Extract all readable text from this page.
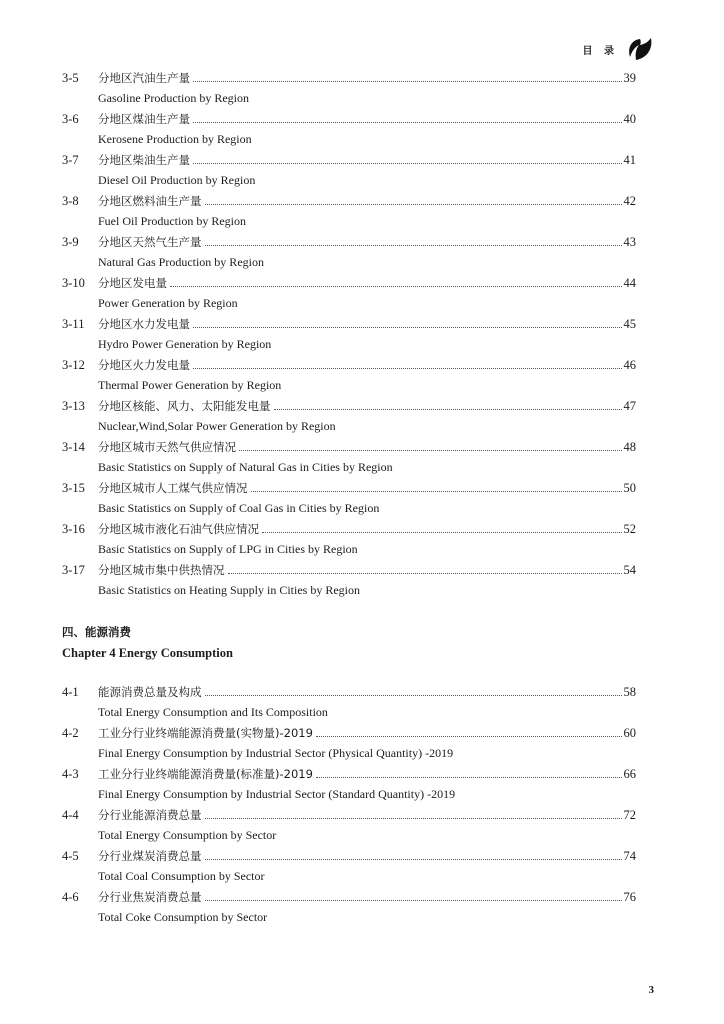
目 录
3-5	分地区汽油生产量	39
Gasoline Production by Region
3-6	分地区煤油生产量	40
Kerosene Production by Region
3-7	分地区柴油生产量	41
Diesel Oil Production by Region
3-8	分地区燃料油生产量	42
Fuel Oil Production by Region
3-9	分地区天然气生产量	43
Natural Gas Production by Region
3-10	分地区发电量	44
Power Generation by Region
3-11	分地区水力发电量	45
Hydro Power Generation by Region
3-12	分地区火力发电量	46
Thermal Power Generation by Region
3-13	分地区核能、风力、太阳能发电量	47
Nuclear,Wind,Solar Power Generation by Region
3-14	分地区城市天然气供应情况	48
Basic Statistics on Supply of Natural Gas in Cities by Region
3-15	分地区城市人工煤气供应情况	50
Basic Statistics on Supply of Coal Gas in Cities by Region
3-16	分地区城市液化石油气供应情况	52
Basic Statistics on Supply of LPG in Cities by Region
3-17	分地区城市集中供热情况	54
Basic Statistics on Heating Supply in Cities by Region
四、能源消费
Chapter 4 Energy Consumption
4-1	能源消费总量及构成	58
Total Energy Consumption and Its Composition
4-2	工业分行业终端能源消费量(实物量)-2019	60
Final Energy Consumption by Industrial Sector (Physical Quantity) -2019
4-3	工业分行业终端能源消费量(标准量)-2019	66
Final Energy Consumption by Industrial Sector (Standard Quantity) -2019
4-4	分行业能源消费总量	72
Total Energy Consumption by Sector
4-5	分行业煤炭消费总量	74
Total Coal Consumption by Sector
4-6	分行业焦炭消费总量	76
Total Coke Consumption by Sector
3
